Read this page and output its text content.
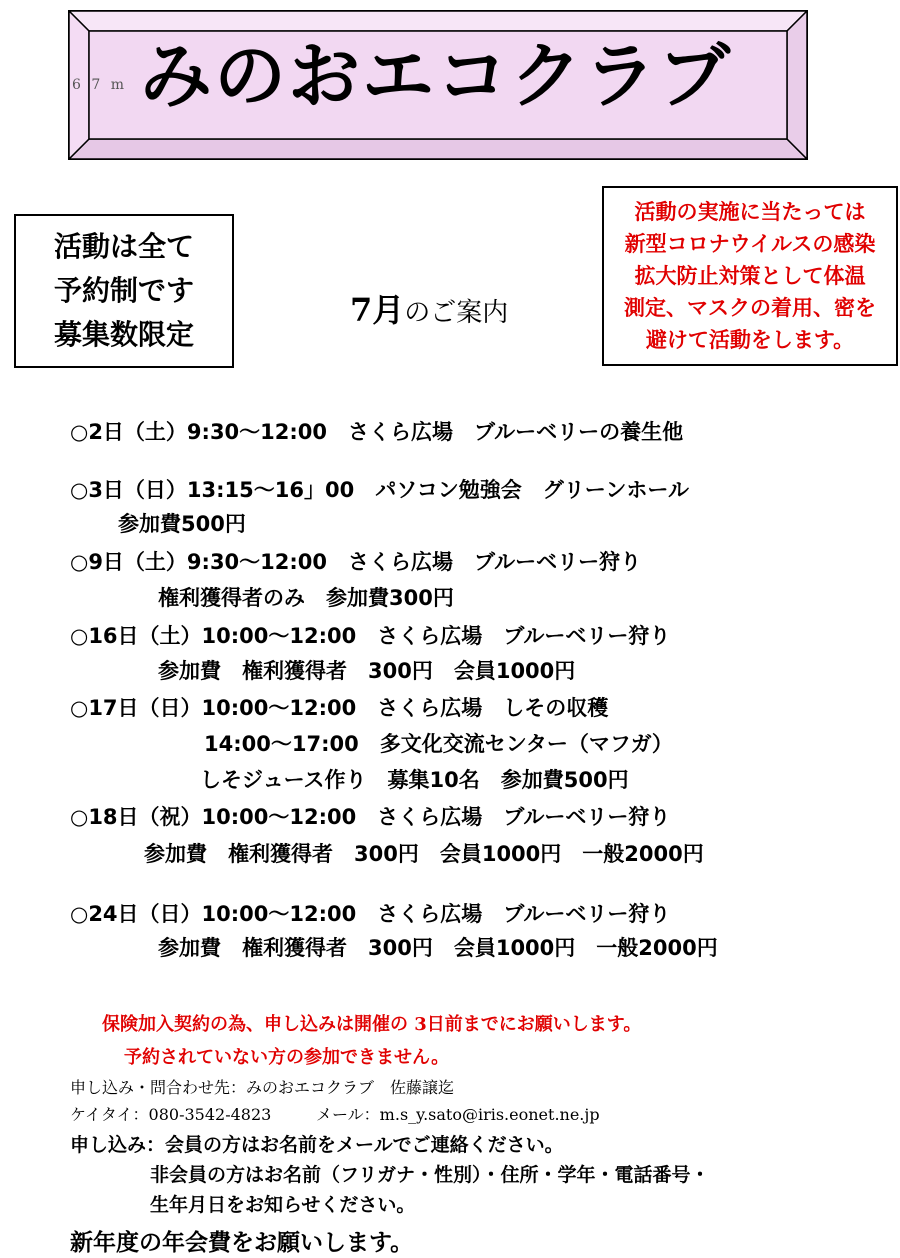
6 7 m みのおエコクラブ
活動は全て
予約制です
募集数限定
7月のご案内
活動の実施に当たっては
新型コロナウイルスの感染
拡大防止対策として体温
測定、マスクの着用、密を
避けて活動をします。
○2日（土）9:30〜12:00　さくら広場　ブルーベリーの養生他
○3日（日）13:15〜16」00　パソコン勉強会　グリーンホール
参加費500円
○9日（土）9:30〜12:00　さくら広場　ブルーベリー狩り
権利獲得者のみ　参加費300円
○16日（土）10:00〜12:00　さくら広場　ブルーベリー狩り
参加費　権利獲得者　300円　会員1000円
○17日（日）10:00〜12:00　さくら広場　しその収穫
14:00〜17:00　多文化交流センター（マフガ）
しそジュース作り　募集10名　参加費500円
○18日（祝）10:00〜12:00　さくら広場　ブルーベリー狩り
参加費　権利獲得者　300円　会員1000円　一般2000円
○24日（日）10:00〜12:00　さくら広場　ブルーベリー狩り
参加費　権利獲得者　300円　会員1000円　一般2000円
保険加入契約の為、申し込みは開催の 3日前までにお願いします。
予約されていない方の参加できません。
申し込み・問合わせ先：みのおエコクラブ　佐藤譲迄
ケイタイ：080-3542-4823	メール：m.s_y.sato@iris.eonet.ne.jp
申し込み：会員の方はお名前をメールでご連絡ください。
非会員の方はお名前（フリガナ・性別）・住所・学年・電話番号・
生年月日をお知らせください。
新年度の年会費をお願いします。
